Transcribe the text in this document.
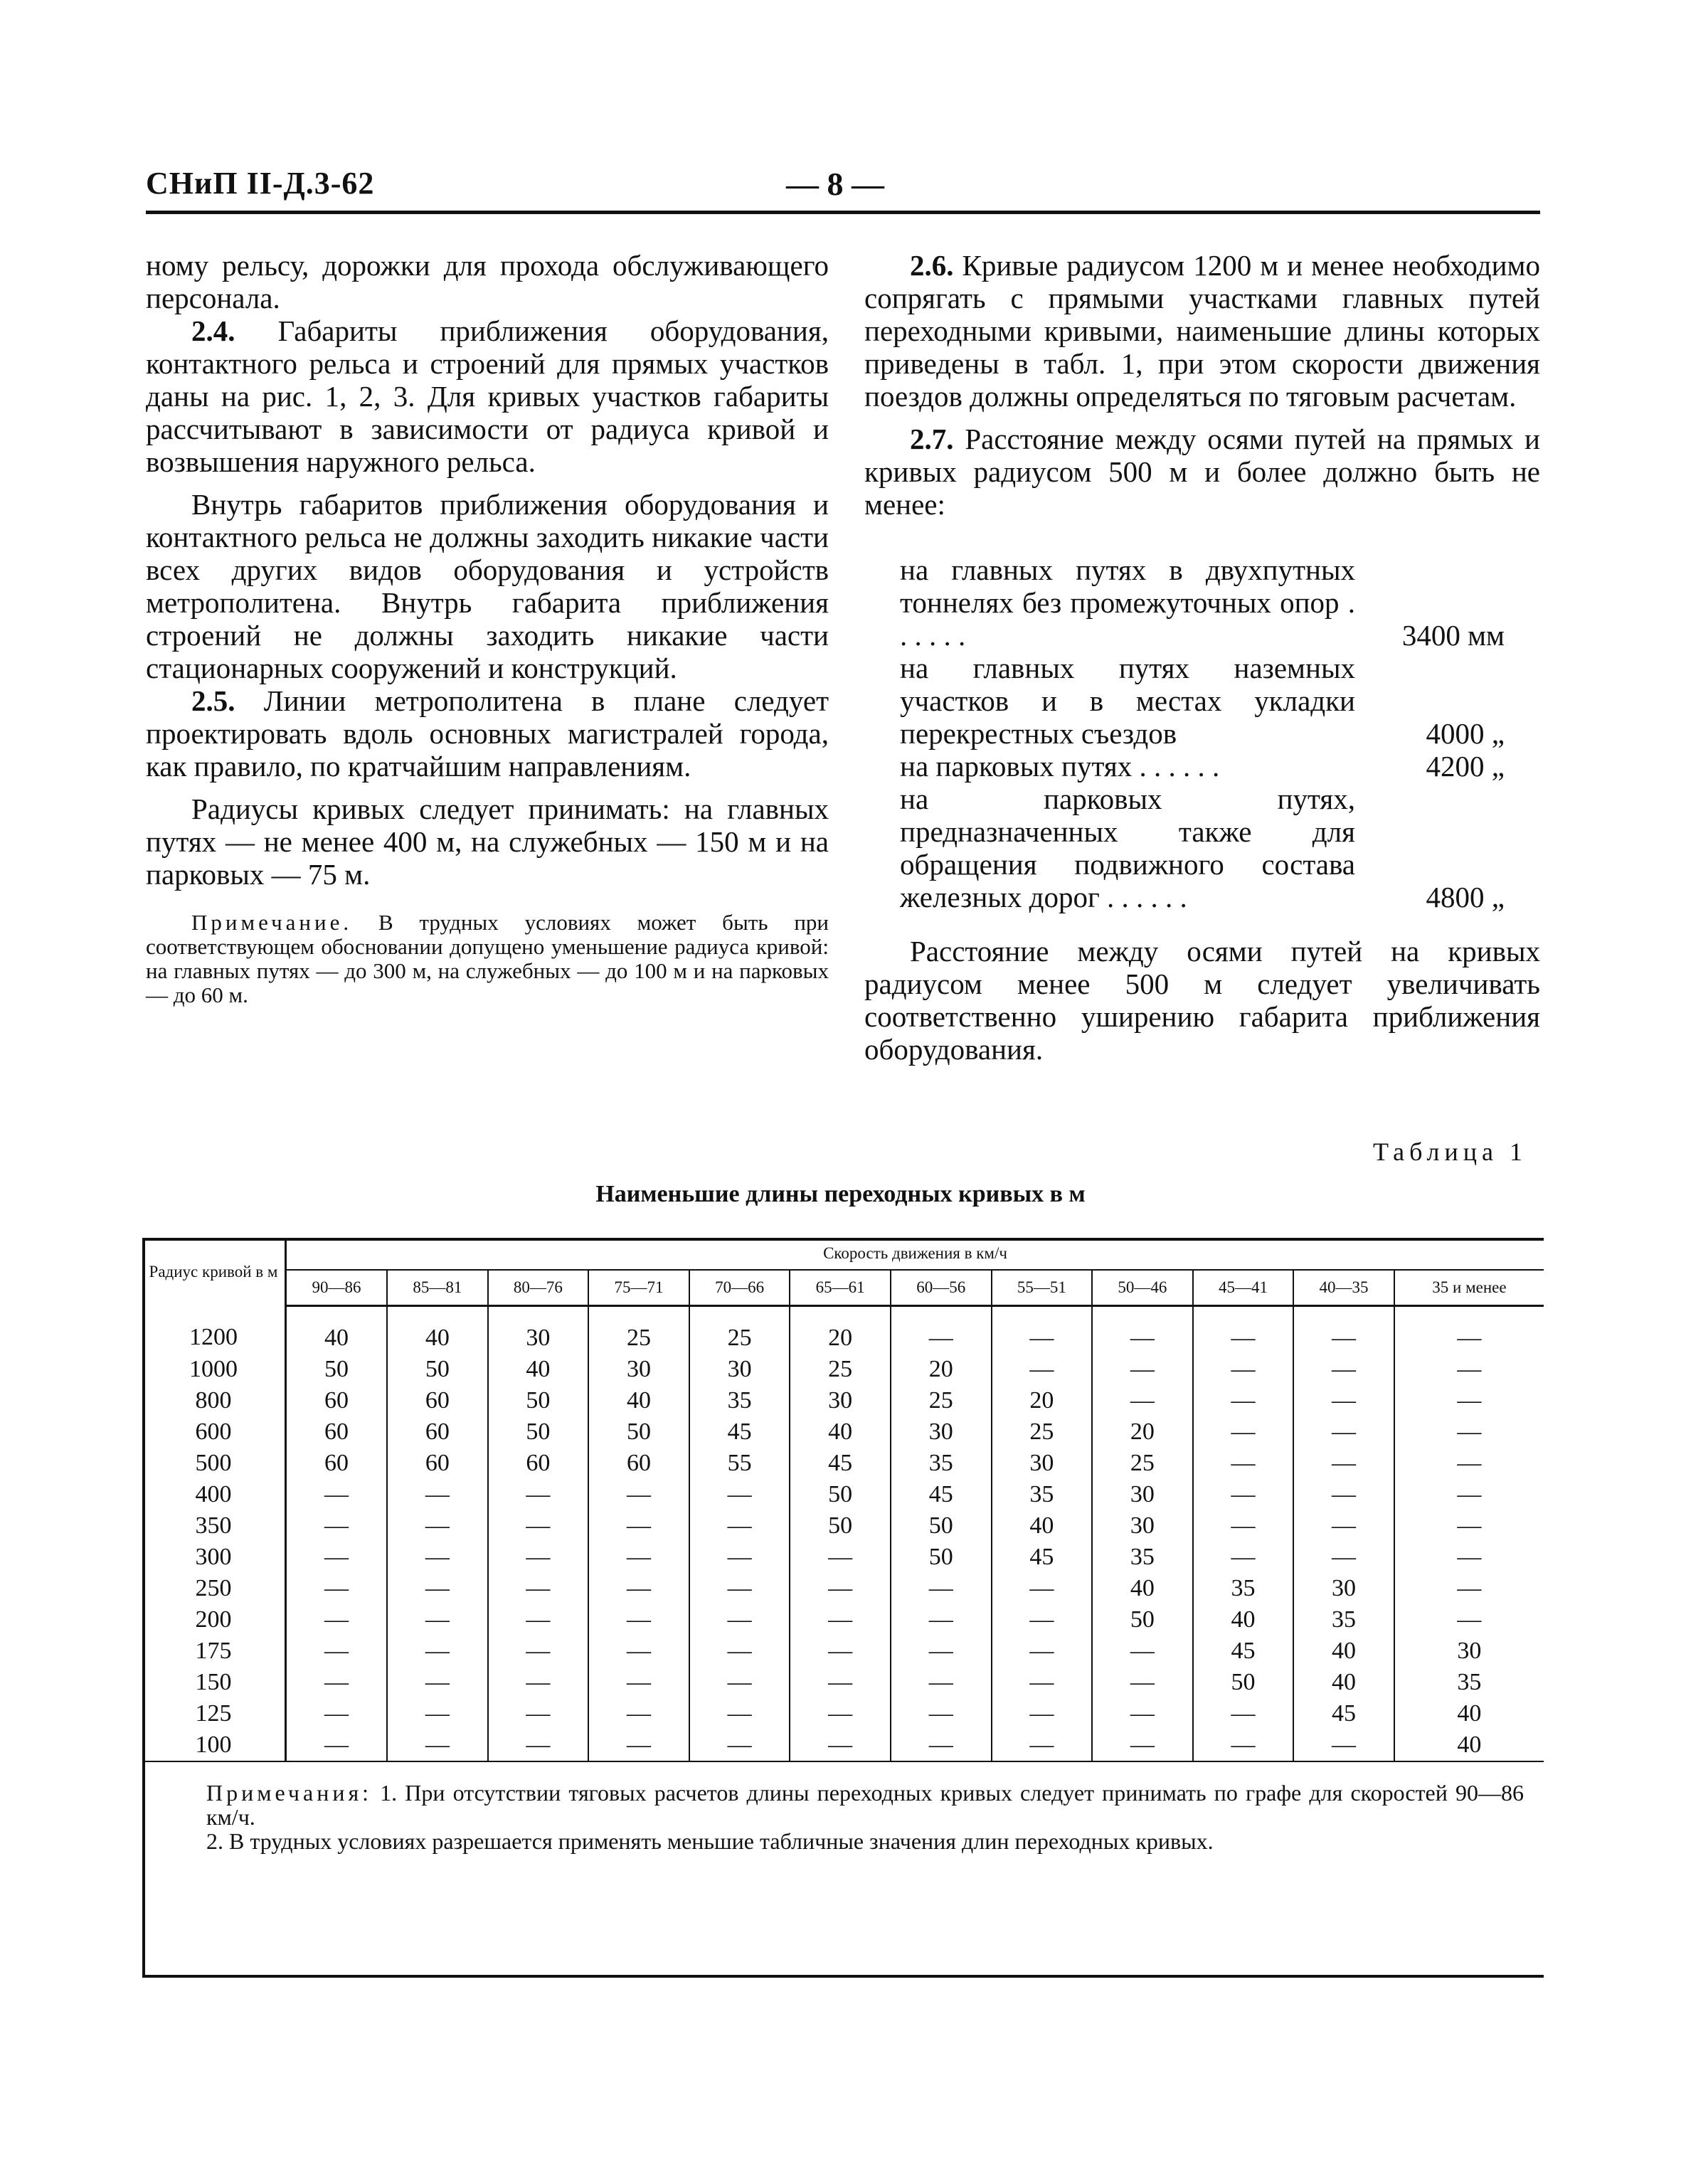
СНиП II-Д.3-62	— 8 —

ному рельсу, дорожки для прохода обслуживающего персонала.

2.4. Габариты приближения оборудования, контактного рельса и строений для прямых участков даны на рис. 1, 2, 3. Для кривых участков габариты рассчитывают в зависимости от радиуса кривой и возвышения наружного рельса.

Внутрь габаритов приближения оборудования и контактного рельса не должны заходить никакие части всех других видов оборудования и устройств метрополитена. Внутрь габарита приближения строений не должны заходить никакие части стационарных сооружений и конструкций.

2.5. Линии метрополитена в плане следует проектировать вдоль основных магистралей города, как правило, по кратчайшим направлениям.

Радиусы кривых следует принимать: на главных путях — не менее 400 м, на служебных — 150 м и на парковых — 75 м.

Примечание. В трудных условиях может быть при соответствующем обосновании допущено уменьшение радиуса кривой: на главных путях — до 300 м, на служебных — до 100 м и на парковых — до 60 м.

2.6. Кривые радиусом 1200 м и менее необходимо сопрягать с прямыми участками главных путей переходными кривыми, наименьшие длины которых приведены в табл. 1, при этом скорости движения поездов должны определяться по тяговым расчетам.

2.7. Расстояние между осями путей на прямых и кривых радиусом 500 м и более должно быть не менее:

на главных путях в двухпутных тоннелях без промежуточных опор . . . . . .	3400 мм
на главных путях наземных участков и в местах укладки перекрестных съездов	4000 „
на парковых путях . . . . . .	4200 „
на парковых путях, предназначенных также для обращения подвижного состава железных дорог . . . . . .	4800 „

Расстояние между осями путей на кривых радиусом менее 500 м следует увеличивать соответственно уширению габарита приближения оборудования.

Таблица 1
Наименьшие длины переходных кривых в м
Радиус кривой в м	Скорость движения в км/ч											
	90—86	85—81	80—76	75—71	70—66	65—61	60—56	55—51	50—46	45—41	40—35	35 и менее
1200	40	40	30	25	25	20	—	—	—	—	—	—
1000	50	50	40	30	30	25	20	—	—	—	—	—
800	60	60	50	40	35	30	25	20	—	—	—	—
600	60	60	50	50	45	40	30	25	20	—	—	—
500	60	60	60	60	55	45	35	30	25	—	—	—
400	—	—	—	—	—	50	45	35	30	—	—	—
350	—	—	—	—	—	50	50	40	30	—	—	—
300	—	—	—	—	—	—	50	45	35	—	—	—
250	—	—	—	—	—	—	—	—	40	35	30	—
200	—	—	—	—	—	—	—	—	50	40	35	—
175	—	—	—	—	—	—	—	—	—	45	40	30
150	—	—	—	—	—	—	—	—	—	50	40	35
125	—	—	—	—	—	—	—	—	—	—	45	40
100	—	—	—	—	—	—	—	—	—	—	—	40

Примечания: 1. При отсутствии тяговых расчетов длины переходных кривых следует принимать по графе для скоростей 90—86 км/ч.

2. В трудных условиях разрешается применять меньшие табличные значения длин переходных кривых.												
